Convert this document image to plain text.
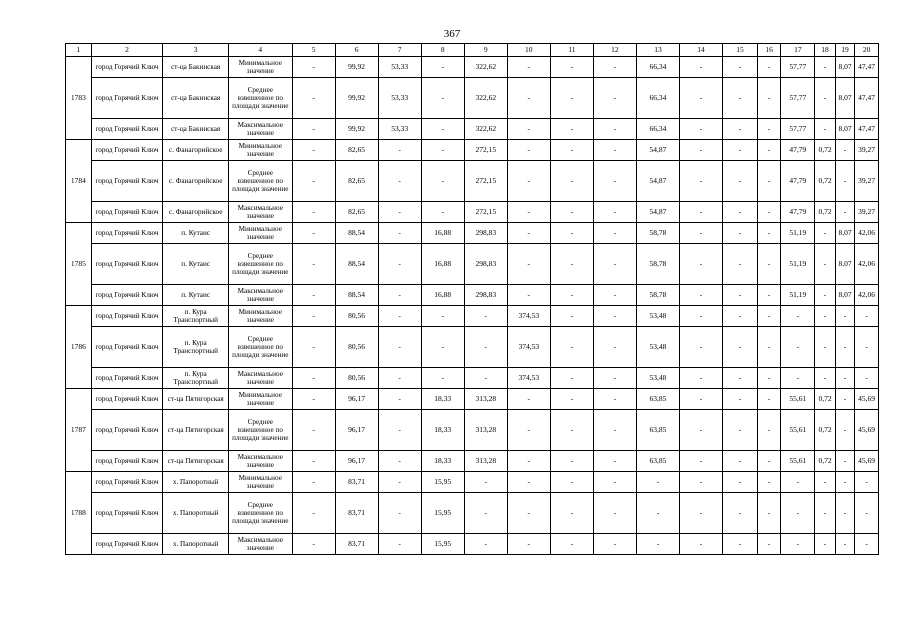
367
1	2	3	4	5	6	7	8	9	10	11	12	13	14	15	16	17	18	19	20
1783	город Горячий Ключ	ст-ца Бакинская	Минимальное значение	-	99,92	53,33	-	322,62	-	-	-	66,34	-	-	-	57,77	-	8,07	47,47
	город Горячий Ключ	ст-ца Бакинская	Среднее взвешенное по площади значение	-	99,92	53,33	-	322,62	-	-	-	66,34	-	-	-	57,77	-	8,07	47,47
	город Горячий Ключ	ст-ца Бакинская	Максимальное значение	-	99,92	53,33	-	322,62	-	-	-	66,34	-	-	-	57,77	-	8,07	47,47
1784	город Горячий Ключ	с. Фанагорийское	Минимальное значение	-	82,65	-	-	272,15	-	-	-	54,87	-	-	-	47,79	0,72	-	39,27
	город Горячий Ключ	с. Фанагорийское	Среднее взвешенное по площади значение	-	82,65	-	-	272,15	-	-	-	54,87	-	-	-	47,79	0,72	-	39,27
	город Горячий Ключ	с. Фанагорийское	Максимальное значение	-	82,65	-	-	272,15	-	-	-	54,87	-	-	-	47,79	0,72	-	39,27
1785	город Горячий Ключ	п. Кутаис	Минимальное значение	-	88,54	-	16,88	298,83	-	-	-	58,78	-	-	-	51,19	-	8,07	42,06
	город Горячий Ключ	п. Кутаис	Среднее взвешенное по площади значение	-	88,54	-	16,88	298,83	-	-	-	58,78	-	-	-	51,19	-	8,07	42,06
	город Горячий Ключ	п. Кутаис	Максимальное значение	-	88,54	-	16,88	298,83	-	-	-	58,78	-	-	-	51,19	-	8,07	42,06
1786	город Горячий Ключ	п. Кура Транспортный	Минимальное значение	-	80,56	-	-	-	374,53	-	-	53,48	-	-	-	-	-	-	-
	город Горячий Ключ	п. Кура Транспортный	Среднее взвешенное по площади значение	-	80,56	-	-	-	374,53	-	-	53,48	-	-	-	-	-	-	-
	город Горячий Ключ	п. Кура Транспортный	Максимальное значение	-	80,56	-	-	-	374,53	-	-	53,48	-	-	-	-	-	-	-
1787	город Горячий Ключ	ст-ца Пятигорская	Минимальное значение	-	96,17	-	18,33	313,28	-	-	-	63,85	-	-	-	55,61	0,72	-	45,69
	город Горячий Ключ	ст-ца Пятигорская	Среднее взвешенное по площади значение	-	96,17	-	18,33	313,28	-	-	-	63,85	-	-	-	55,61	0,72	-	45,69
	город Горячий Ключ	ст-ца Пятигорская	Максимальное значение	-	96,17	-	18,33	313,28	-	-	-	63,85	-	-	-	55,61	0,72	-	45,69
1788	город Горячий Ключ	х. Папоротный	Минимальное значение	-	83,71	-	15,95	-	-	-	-	-	-	-	-	-	-	-	-
	город Горячий Ключ	х. Папоротный	Среднее взвешенное по площади значение	-	83,71	-	15,95	-	-	-	-	-	-	-	-	-	-	-	-
	город Горячий Ключ	х. Папоротный	Максимальное значение	-	83,71	-	15,95	-	-	-	-	-	-	-	-	-	-	-	-
